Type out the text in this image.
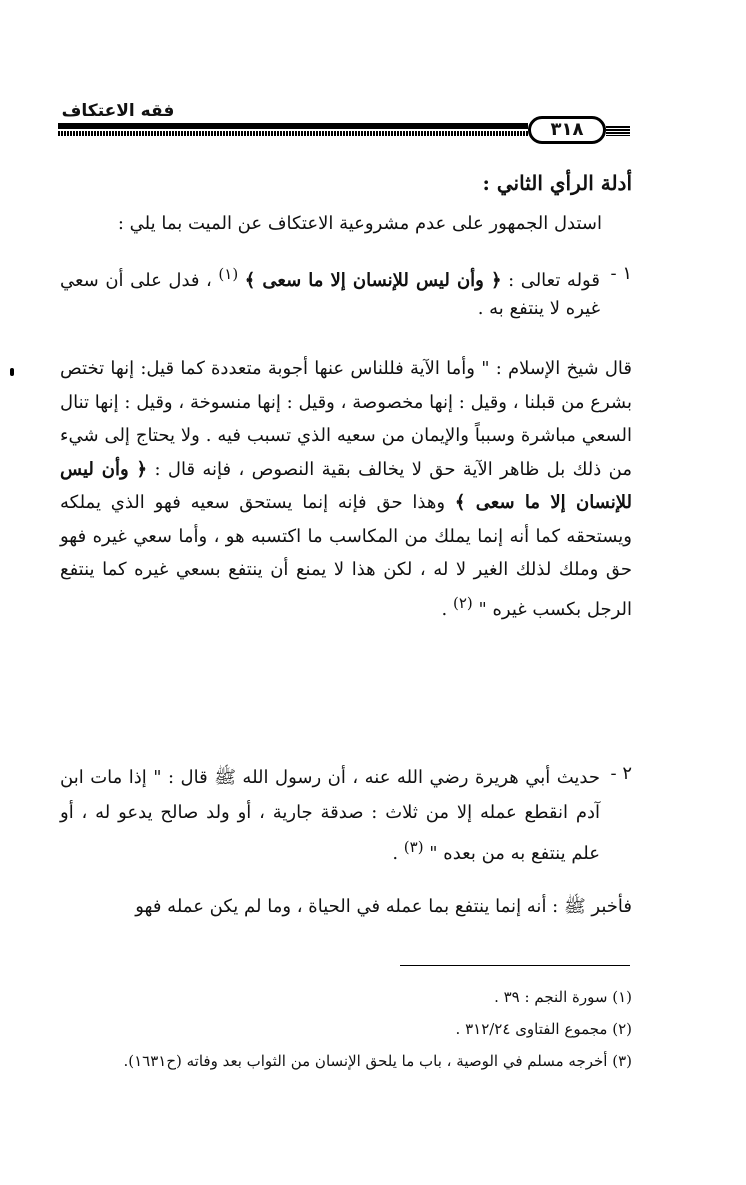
فقه الاعتكاف
٣١٨
أدلة الرأي الثاني :
استدل الجمهور على عدم مشروعية الاعتكاف عن الميت بما يلي :
١ -
قوله تعالى : ﴿ وأن ليس للإنسان إلا ما سعى ﴾ $^{(١)}$ ، فدل على أن سعي غيره لا ينتفع به .
قال شيخ الإسلام : " وأما الآية فللناس عنها أجوبة متعددة كما قيل: إنها تختص بشرع من قبلنا ، وقيل : إنها مخصوصة ، وقيل : إنها منسوخة ، وقيل : إنها تنال السعي مباشرة وسبباً والإيمان من سعيه الذي تسبب فيه . ولا يحتاج إلى شيء من ذلك بل ظاهر الآية حق لا يخالف بقية النصوص ، فإنه قال : ﴿ وأن ليس للإنسان إلا ما سعى ﴾ وهذا حق فإنه إنما يستحق سعيه فهو الذي يملكه ويستحقه كما أنه إنما يملك من المكاسب ما اكتسبه هو ، وأما سعي غيره فهو حق وملك لذلك الغير لا له ، لكن هذا لا يمنع أن ينتفع بسعي غيره كما ينتفع الرجل بكسب غيره " $^{(٢)}$ .
٢ -
حديث أبي هريرة رضي الله عنه ، أن رسول الله ﷺ قال : " إذا مات ابن آدم انقطع عمله إلا من ثلاث : صدقة جارية ، أو ولد صالح يدعو له ، أو علم ينتفع به من بعده " $^{(٣)}$ .
فأخبر ﷺ : أنه إنما ينتفع بما عمله في الحياة ، وما لم يكن عمله فهو
(١) سورة النجم : ٣٩ .
(٢) مجموع الفتاوى ٣١٢/٢٤ .
(٣) أخرجه مسلم في الوصية ، باب ما يلحق الإنسان من الثواب بعد وفاته (ح١٦٣١).
